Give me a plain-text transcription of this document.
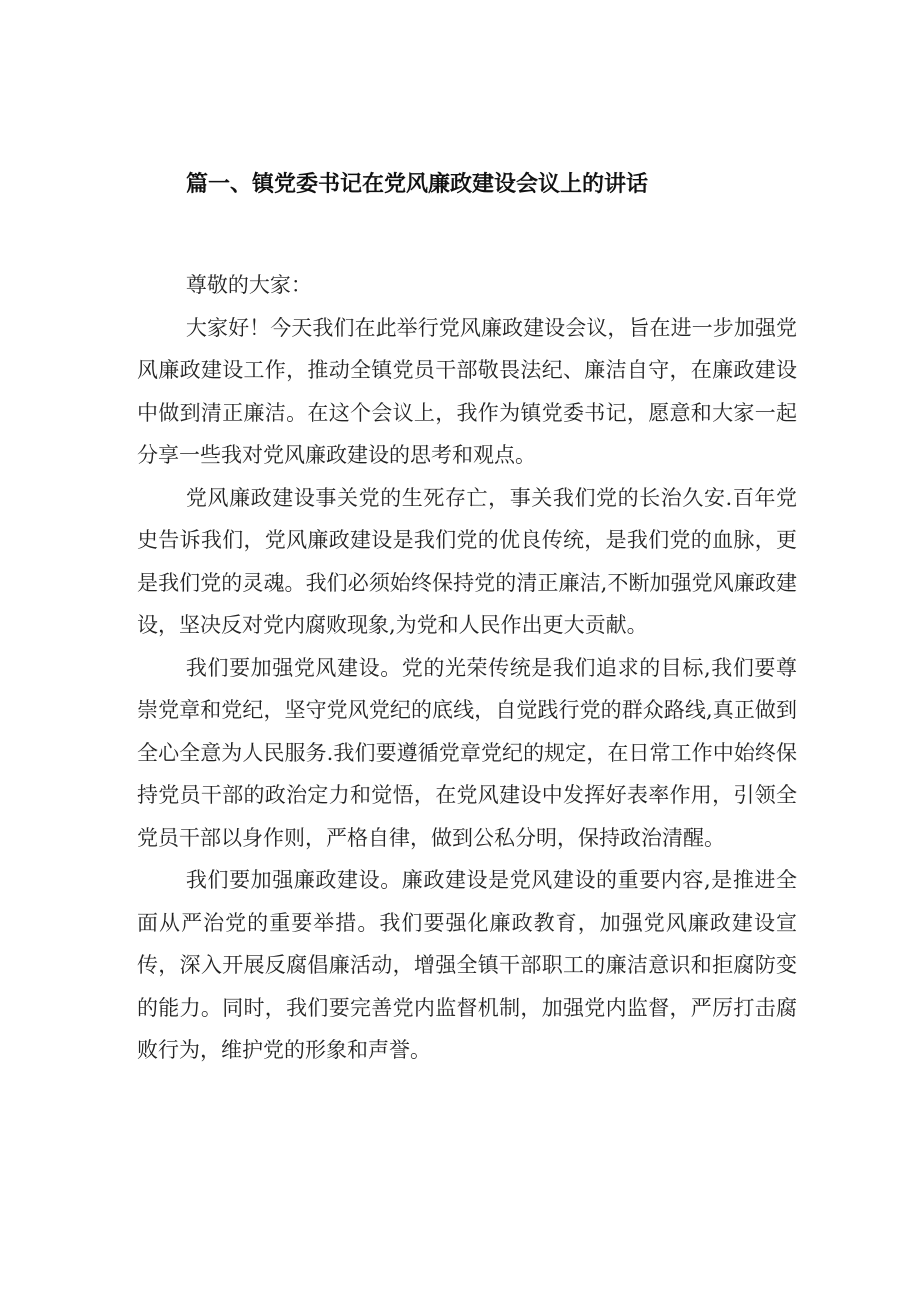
篇一、镇党委书记在党风廉政建设会议上的讲话

尊敬的大家：

大家好！今天我们在此举行党风廉政建设会议，旨在进一步加强党风廉政建设工作，推动全镇党员干部敬畏法纪、廉洁自守，在廉政建设中做到清正廉洁。在这个会议上，我作为镇党委书记，愿意和大家一起分享一些我对党风廉政建设的思考和观点。

党风廉政建设事关党的生死存亡，事关我们党的长治久安.百年党史告诉我们，党风廉政建设是我们党的优良传统，是我们党的血脉，更是我们党的灵魂。我们必须始终保持党的清正廉洁,不断加强党风廉政建设，坚决反对党内腐败现象,为党和人民作出更大贡献。

我们要加强党风建设。党的光荣传统是我们追求的目标,我们要尊崇党章和党纪，坚守党风党纪的底线，自觉践行党的群众路线,真正做到全心全意为人民服务.我们要遵循党章党纪的规定，在日常工作中始终保持党员干部的政治定力和觉悟，在党风建设中发挥好表率作用，引领全党员干部以身作则，严格自律，做到公私分明，保持政治清醒。

我们要加强廉政建设。廉政建设是党风建设的重要内容,是推进全面从严治党的重要举措。我们要强化廉政教育，加强党风廉政建设宣传，深入开展反腐倡廉活动，增强全镇干部职工的廉洁意识和拒腐防变的能力。同时，我们要完善党内监督机制，加强党内监督，严厉打击腐败行为，维护党的形象和声誉。
